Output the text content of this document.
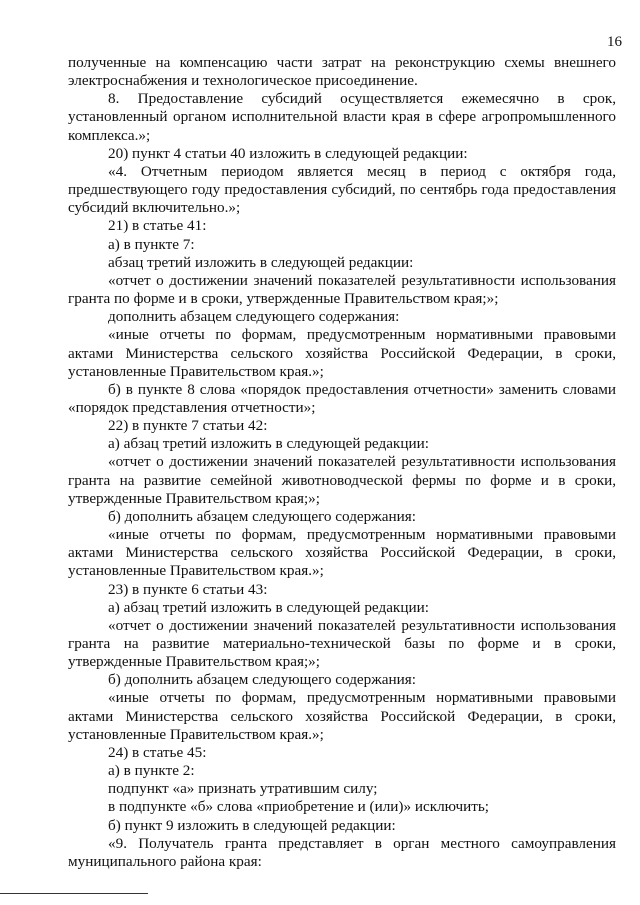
16

полученные на компенсацию части затрат на реконструкцию схемы внешнего электроснабжения и технологическое присоединение.

8. Предоставление субсидий осуществляется ежемесячно в срок, установленный органом исполнительной власти края в сфере агропромышленного комплекса.»;

20) пункт 4 статьи 40 изложить в следующей редакции:

«4. Отчетным периодом является месяц в период с октября года, предшествующего году предоставления субсидий, по сентябрь года предоставления субсидий включительно.»;

21) в статье 41:

а) в пункте 7:

абзац третий изложить в следующей редакции:

«отчет о достижении значений показателей результативности использования гранта по форме и в сроки, утвержденные Правительством края;»;

дополнить абзацем следующего содержания:

«иные отчеты по формам, предусмотренным нормативными правовыми актами Министерства сельского хозяйства Российской Федерации, в сроки, установленные Правительством края.»;

б) в пункте 8 слова «порядок предоставления отчетности» заменить словами «порядок представления отчетности»;

22) в пункте 7 статьи 42:

а) абзац третий изложить в следующей редакции:

«отчет о достижении значений показателей результативности использования гранта на развитие семейной животноводческой фермы по форме и в сроки, утвержденные Правительством края;»;

б) дополнить абзацем следующего содержания:

«иные отчеты по формам, предусмотренным нормативными правовыми актами Министерства сельского хозяйства Российской Федерации, в сроки, установленные Правительством края.»;

23) в пункте 6 статьи 43:

а) абзац третий изложить в следующей редакции:

«отчет о достижении значений показателей результативности использования гранта на развитие материально-технической базы по форме и в сроки, утвержденные Правительством края;»;

б) дополнить абзацем следующего содержания:

«иные отчеты по формам, предусмотренным нормативными правовыми актами Министерства сельского хозяйства Российской Федерации, в сроки, установленные Правительством края.»;

24) в статье 45:

а) в пункте 2:

подпункт «а» признать утратившим силу;

в подпункте «б» слова «приобретение и (или)» исключить;

б) пункт 9 изложить в следующей редакции:

«9. Получатель гранта представляет в орган местного самоуправления муниципального района края:
